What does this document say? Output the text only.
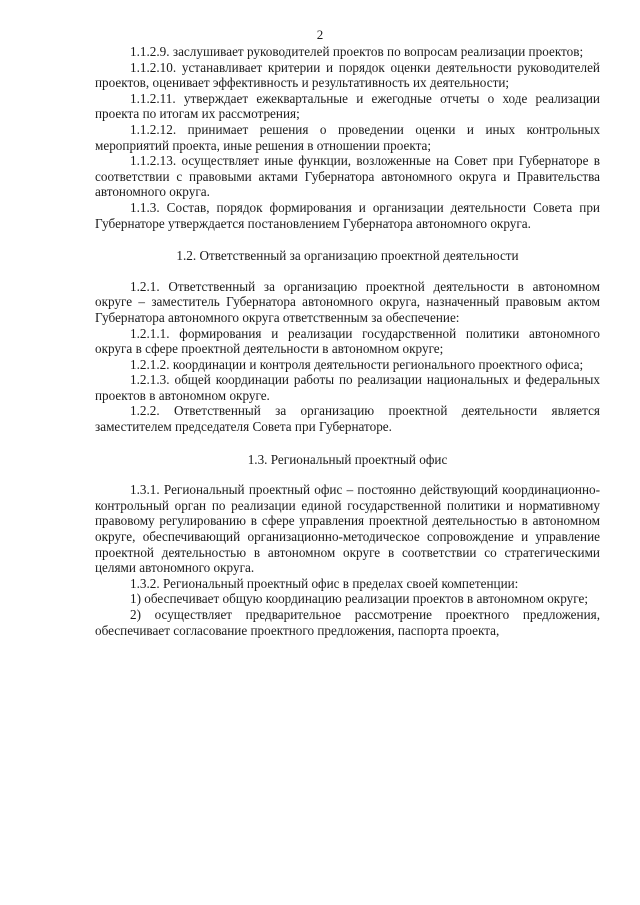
2

1.1.2.9. заслушивает руководителей проектов по вопросам реализации проектов;

1.1.2.10. устанавливает критерии и порядок оценки деятельности руководителей проектов, оценивает эффективность и результативность их деятельности;

1.1.2.11. утверждает ежеквартальные и ежегодные отчеты о ходе реализации проекта по итогам их рассмотрения;

1.1.2.12. принимает решения о проведении оценки и иных контрольных мероприятий проекта, иные решения в отношении проекта;

1.1.2.13. осуществляет иные функции, возложенные на Совет при Губернаторе в соответствии с правовыми актами Губернатора автономного округа и Правительства автономного округа.

1.1.3. Состав, порядок формирования и организации деятельности Совета при Губернаторе утверждается постановлением Губернатора автономного округа.

1.2. Ответственный за организацию проектной деятельности

1.2.1. Ответственный за организацию проектной деятельности в автономном округе – заместитель Губернатора автономного округа, назначенный правовым актом Губернатора автономного округа ответственным за обеспечение:

1.2.1.1. формирования и реализации государственной политики автономного округа в сфере проектной деятельности в автономном округе;

1.2.1.2. координации и контроля деятельности регионального проектного офиса;

1.2.1.3. общей координации работы по реализации национальных и федеральных проектов в автономном округе.

1.2.2. Ответственный за организацию проектной деятельности является заместителем председателя Совета при Губернаторе.

1.3. Региональный проектный офис

1.3.1. Региональный проектный офис – постоянно действующий координационно-контрольный орган по реализации единой государственной политики и нормативному правовому регулированию в сфере управления проектной деятельностью в автономном округе, обеспечивающий организационно-методическое сопровождение и управление проектной деятельностью в автономном округе в соответствии со стратегическими целями автономного округа.

1.3.2. Региональный проектный офис в пределах своей компетенции:

1) обеспечивает общую координацию реализации проектов в автономном округе;

2) осуществляет предварительное рассмотрение проектного предложения, обеспечивает согласование проектного предложения, паспорта проекта,
